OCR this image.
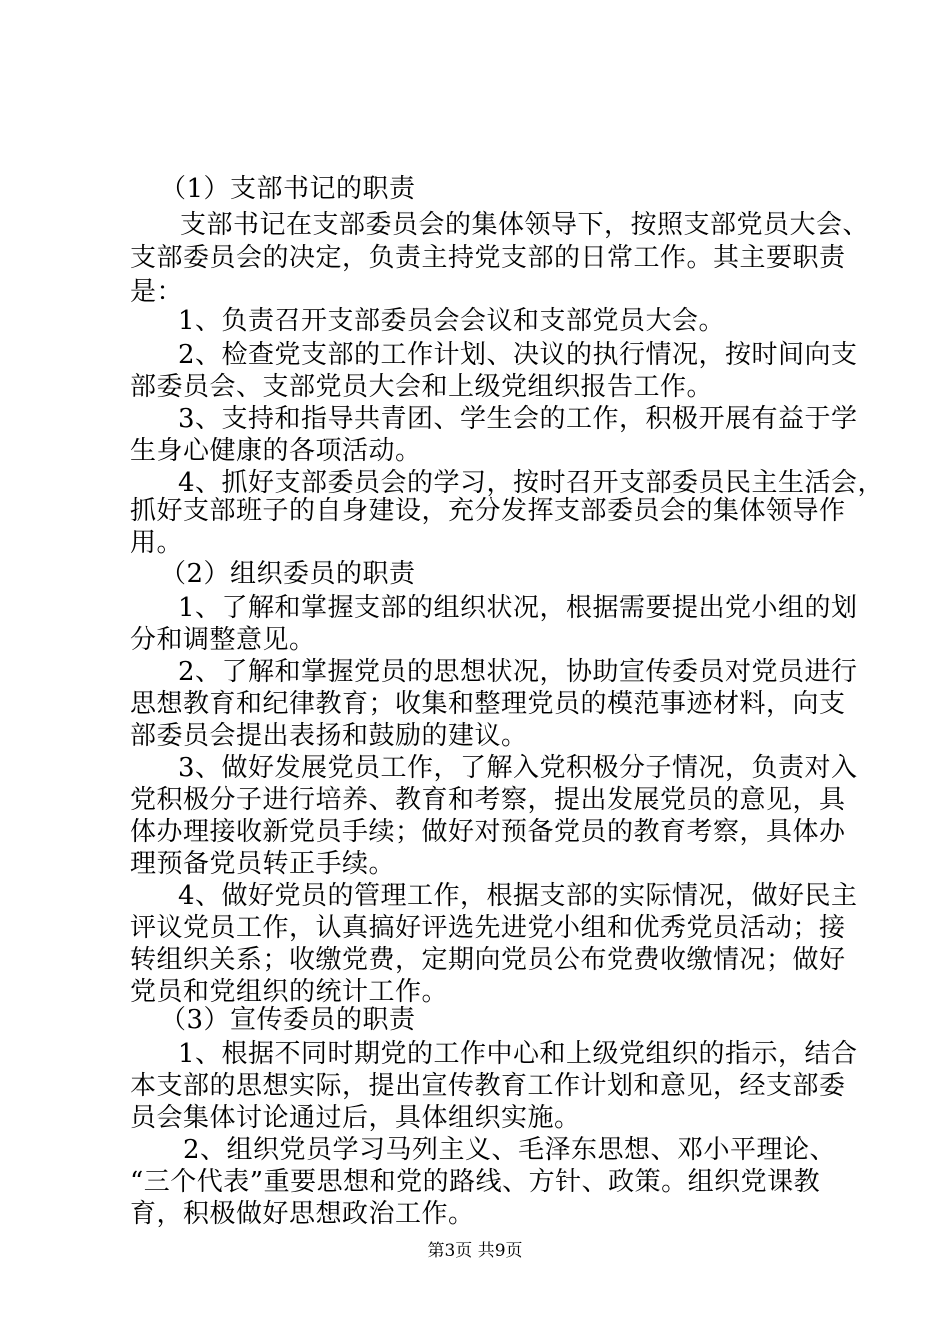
（1）支部书记的职责
支部书记在支部委员会的集体领导下，按照支部党员大会、
支部委员会的决定，负责主持党支部的日常工作。其主要职责
是：
1、负责召开支部委员会会议和支部党员大会。
2、检查党支部的工作计划、决议的执行情况，按时间向支
部委员会、支部党员大会和上级党组织报告工作。
3、支持和指导共青团、学生会的工作，积极开展有益于学
生身心健康的各项活动。
4、抓好支部委员会的学习，按时召开支部委员民主生活会，
抓好支部班子的自身建设，充分发挥支部委员会的集体领导作
用。
（2）组织委员的职责
1、了解和掌握支部的组织状况，根据需要提出党小组的划
分和调整意见。
2、了解和掌握党员的思想状况，协助宣传委员对党员进行
思想教育和纪律教育；收集和整理党员的模范事迹材料，向支
部委员会提出表扬和鼓励的建议。
3、做好发展党员工作，了解入党积极分子情况，负责对入
党积极分子进行培养、教育和考察，提出发展党员的意见，具
体办理接收新党员手续；做好对预备党员的教育考察，具体办
理预备党员转正手续。
4、做好党员的管理工作，根据支部的实际情况，做好民主
评议党员工作，认真搞好评选先进党小组和优秀党员活动；接
转组织关系；收缴党费，定期向党员公布党费收缴情况；做好
党员和党组织的统计工作。
（3）宣传委员的职责
1、根据不同时期党的工作中心和上级党组织的指示，结合
本支部的思想实际，提出宣传教育工作计划和意见，经支部委
员会集体讨论通过后，具体组织实施。
2、组织党员学习马列主义、毛泽东思想、邓小平理论、
“三个代表”重要思想和党的路线、方针、政策。组织党课教
育，积极做好思想政治工作。
第3页 共9页
